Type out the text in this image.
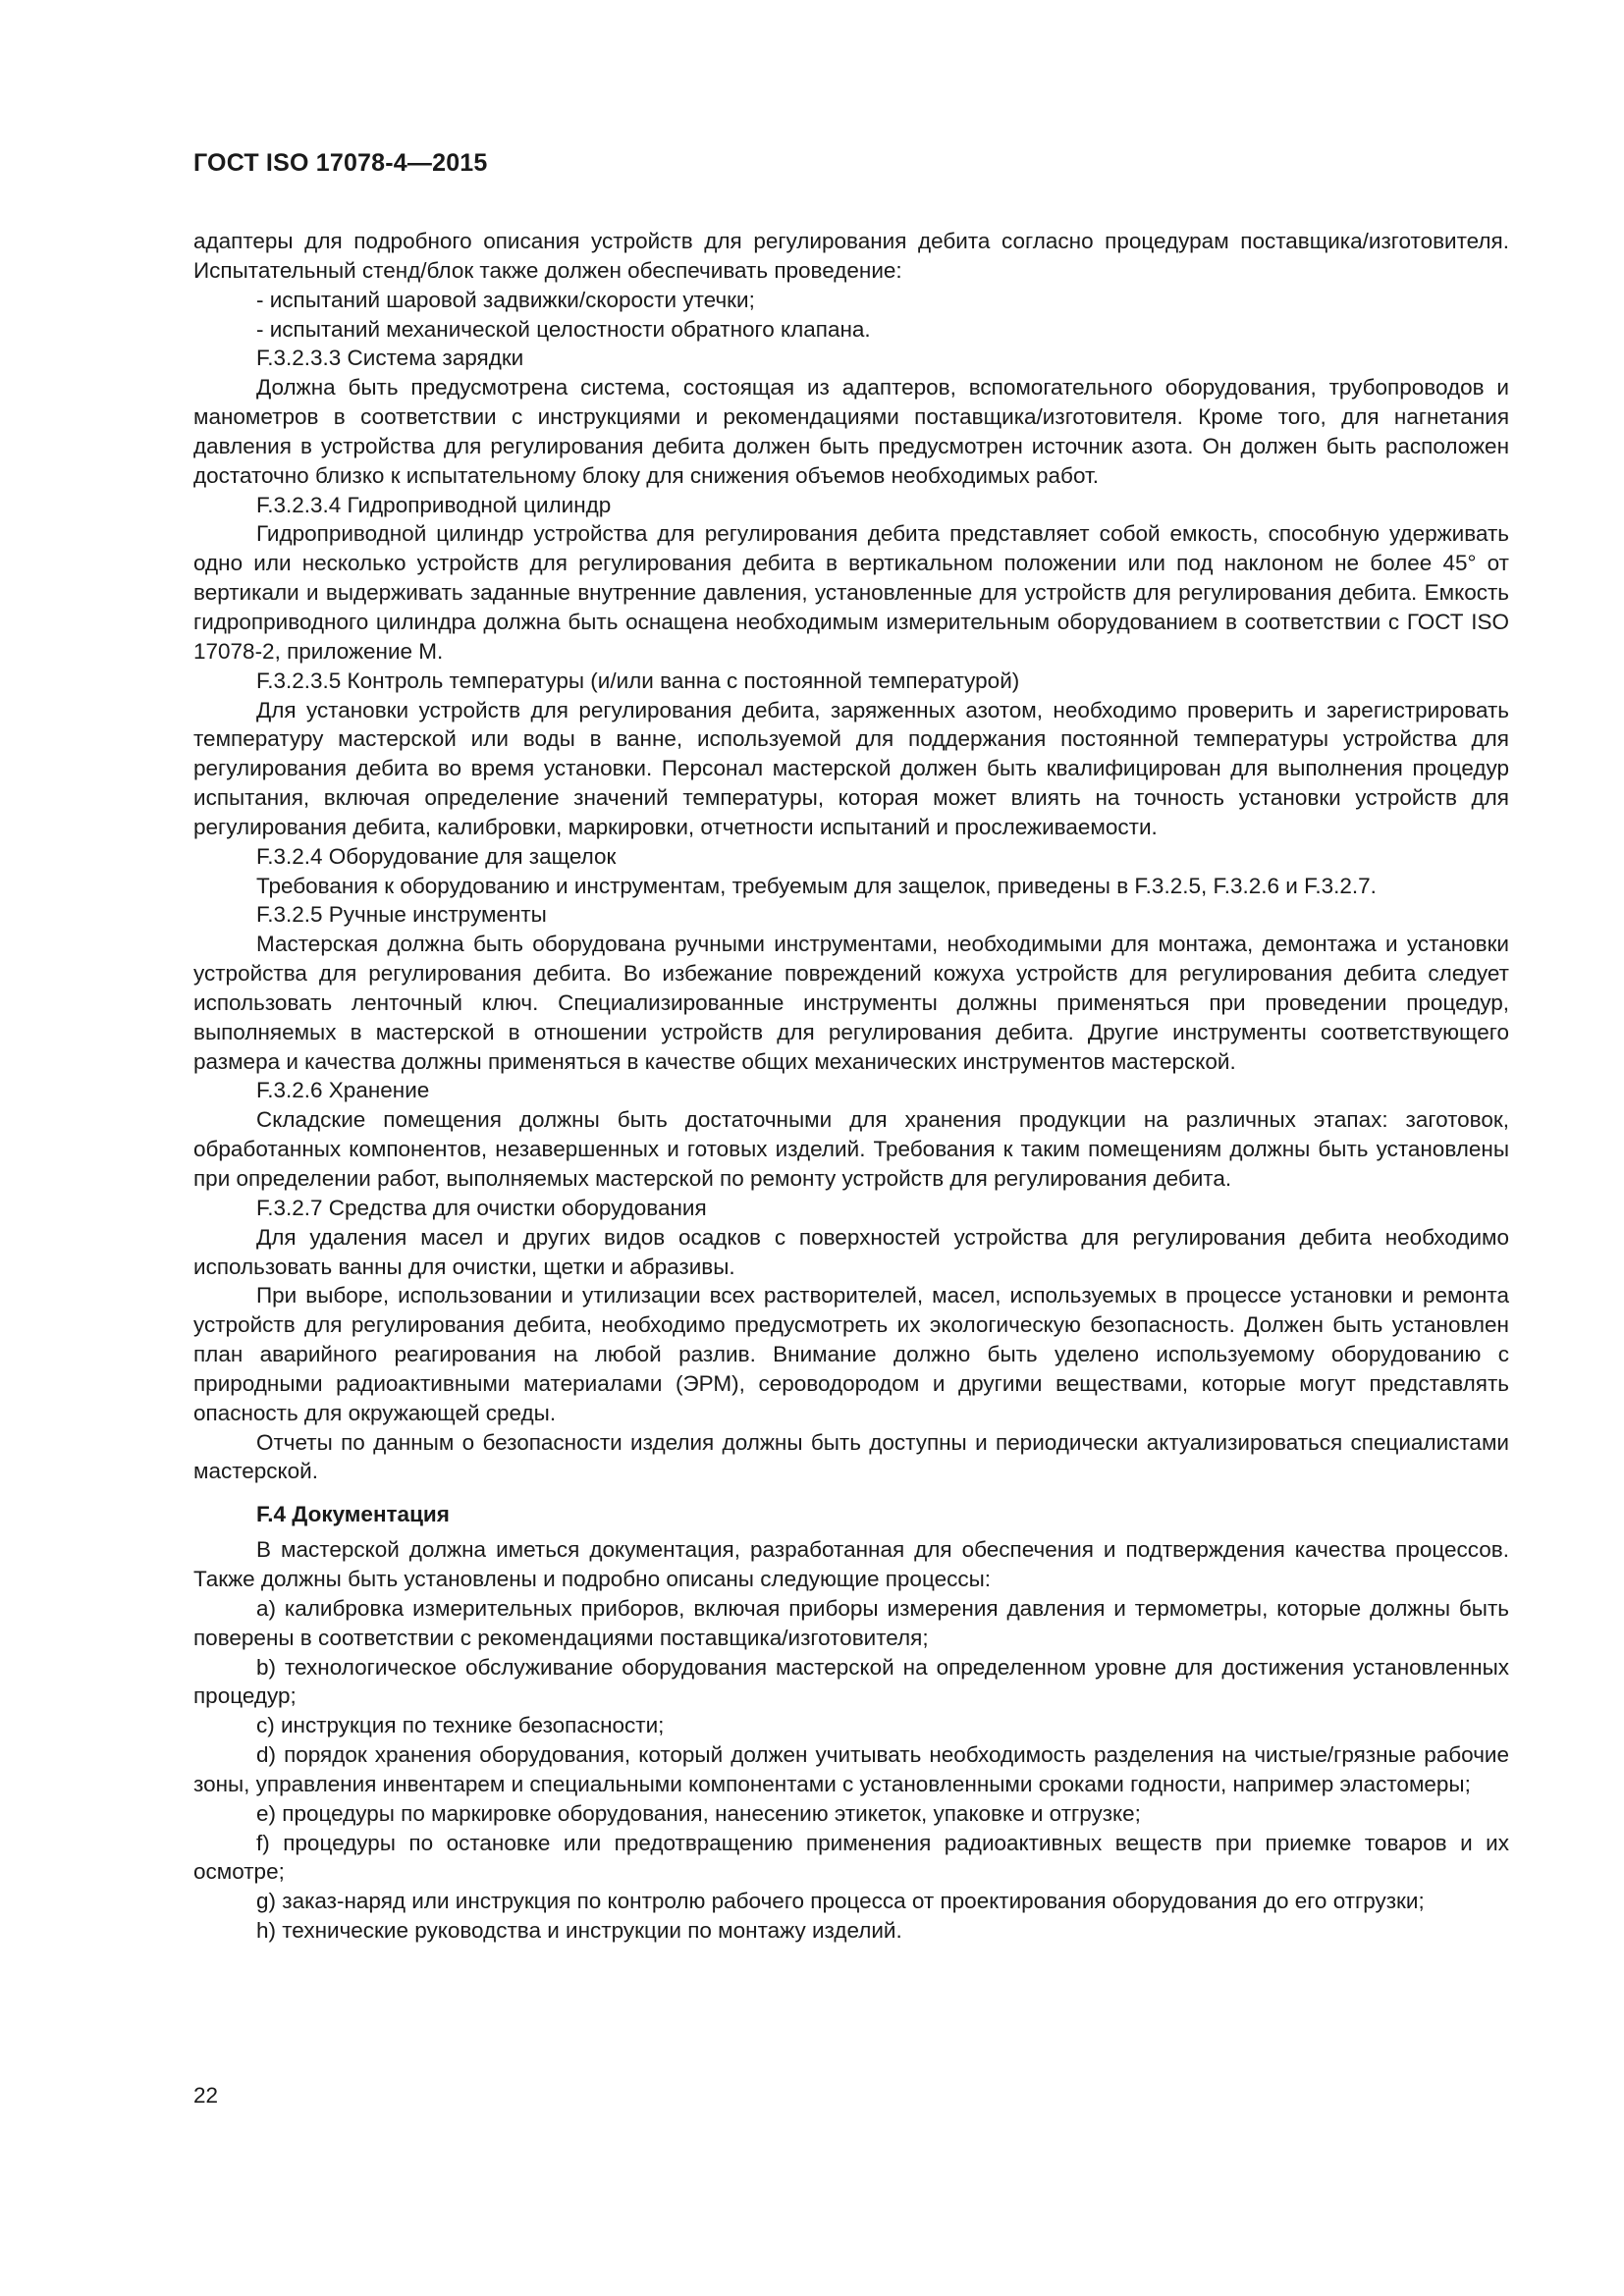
ГОСТ ISO 17078-4—2015

адаптеры для подробного описания устройств для регулирования дебита согласно процедурам поставщика/изготовителя. Испытательный стенд/блок также должен обеспечивать проведение:

- испытаний шаровой задвижки/скорости утечки;

- испытаний механической целостности обратного клапана.

F.3.2.3.3 Система зарядки

Должна быть предусмотрена система, состоящая из адаптеров, вспомогательного оборудования, трубопроводов и манометров в соответствии с инструкциями и рекомендациями поставщика/изготовителя. Кроме того, для нагнетания давления в устройства для регулирования дебита должен быть предусмотрен источник азота. Он должен быть расположен достаточно близко к испытательному блоку для снижения объемов необходимых работ.

F.3.2.3.4 Гидроприводной цилиндр

Гидроприводной цилиндр устройства для регулирования дебита представляет собой емкость, способную удерживать одно или несколько устройств для регулирования дебита в вертикальном положении или под наклоном не более 45° от вертикали и выдерживать заданные внутренние давления, установленные для устройств для регулирования дебита. Емкость гидроприводного цилиндра должна быть оснащена необходимым измерительным оборудованием в соответствии с ГОСТ ISO 17078-2, приложение М.

F.3.2.3.5 Контроль температуры (и/или ванна с постоянной температурой)

Для установки устройств для регулирования дебита, заряженных азотом, необходимо проверить и зарегистрировать температуру мастерской или воды в ванне, используемой для поддержания постоянной температуры устройства для регулирования дебита во время установки. Персонал мастерской должен быть квалифицирован для выполнения процедур испытания, включая определение значений температуры, которая может влиять на точность установки устройств для регулирования дебита, калибровки, маркировки, отчетности испытаний и прослеживаемости.

F.3.2.4 Оборудование для защелок

Требования к оборудованию и инструментам, требуемым для защелок, приведены в F.3.2.5, F.3.2.6 и F.3.2.7.

F.3.2.5 Ручные инструменты

Мастерская должна быть оборудована ручными инструментами, необходимыми для монтажа, демонтажа и установки устройства для регулирования дебита. Во избежание повреждений кожуха устройств для регулирования дебита следует использовать ленточный ключ. Специализированные инструменты должны применяться при проведении процедур, выполняемых в мастерской в отношении устройств для регулирования дебита. Другие инструменты соответствующего размера и качества должны применяться в качестве общих механических инструментов мастерской.

F.3.2.6 Хранение

Складские помещения должны быть достаточными для хранения продукции на различных этапах: заготовок, обработанных компонентов, незавершенных и готовых изделий. Требования к таким помещениям должны быть установлены при определении работ, выполняемых мастерской по ремонту устройств для регулирования дебита.

F.3.2.7 Средства для очистки оборудования

Для удаления масел и других видов осадков с поверхностей устройства для регулирования дебита необходимо использовать ванны для очистки, щетки и абразивы.

При выборе, использовании и утилизации всех растворителей, масел, используемых в процессе установки и ремонта устройств для регулирования дебита, необходимо предусмотреть их экологическую безопасность. Должен быть установлен план аварийного реагирования на любой разлив. Внимание должно быть уделено используемому оборудованию с природными радиоактивными материалами (ЭРМ), сероводородом и другими веществами, которые могут представлять опасность для окружающей среды.

Отчеты по данным о безопасности изделия должны быть доступны и периодически актуализироваться специалистами мастерской.

F.4 Документация

В мастерской должна иметься документация, разработанная для обеспечения и подтверждения качества процессов. Также должны быть установлены и подробно описаны следующие процессы:

a) калибровка измерительных приборов, включая приборы измерения давления и термометры, которые должны быть поверены в соответствии с рекомендациями поставщика/изготовителя;

b) технологическое обслуживание оборудования мастерской на определенном уровне для достижения установленных процедур;

c) инструкция по технике безопасности;

d) порядок хранения оборудования, который должен учитывать необходимость разделения на чистые/грязные рабочие зоны, управления инвентарем и специальными компонентами с установленными сроками годности, например эластомеры;

e) процедуры по маркировке оборудования, нанесению этикеток, упаковке и отгрузке;

f) процедуры по остановке или предотвращению применения радиоактивных веществ при приемке товаров и их осмотре;

g) заказ-наряд или инструкция по контролю рабочего процесса от проектирования оборудования до его отгрузки;

h) технические руководства и инструкции по монтажу изделий.

22
